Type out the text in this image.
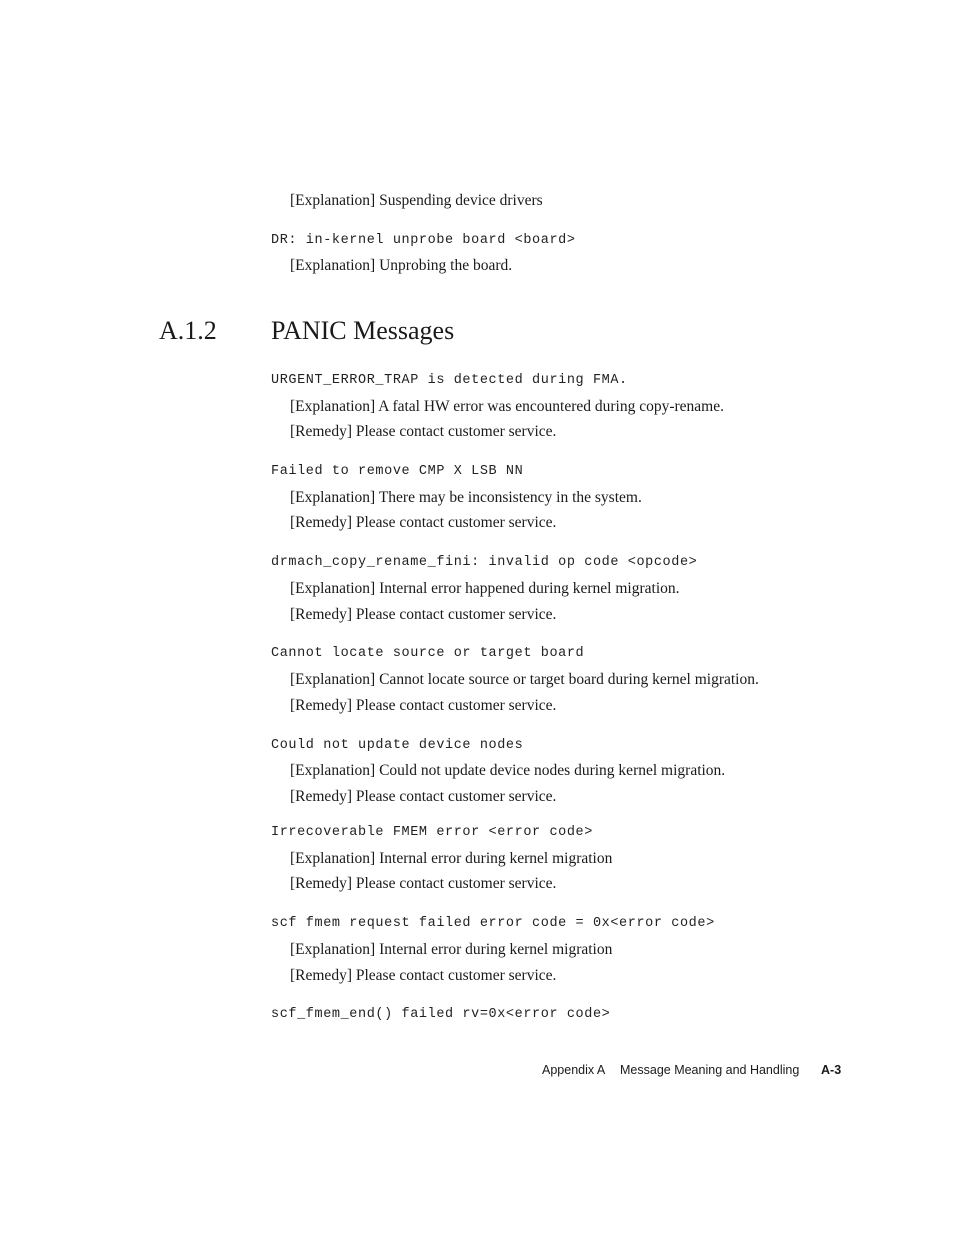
[Explanation] Suspending device drivers
DR: in-kernel unprobe board <board>
[Explanation] Unprobing the board.
A.1.2 PANIC Messages
URGENT_ERROR_TRAP is detected during FMA.
[Explanation] A fatal HW error was encountered during copy-rename.
[Remedy] Please contact customer service.
Failed to remove CMP X LSB NN
[Explanation] There may be inconsistency in the system.
[Remedy] Please contact customer service.
drmach_copy_rename_fini: invalid op code <opcode>
[Explanation] Internal error happened during kernel migration.
[Remedy] Please contact customer service.
Cannot locate source or target board
[Explanation] Cannot locate source or target board during kernel migration.
[Remedy] Please contact customer service.
Could not update device nodes
[Explanation] Could not update device nodes during kernel migration.
[Remedy] Please contact customer service.
Irrecoverable FMEM error <error code>
[Explanation] Internal error during kernel migration
[Remedy] Please contact customer service.
scf fmem request failed error code = 0x<error code>
[Explanation] Internal error during kernel migration
[Remedy] Please contact customer service.
scf_fmem_end() failed rv=0x<error code>
Appendix A Message Meaning and Handling A-3
